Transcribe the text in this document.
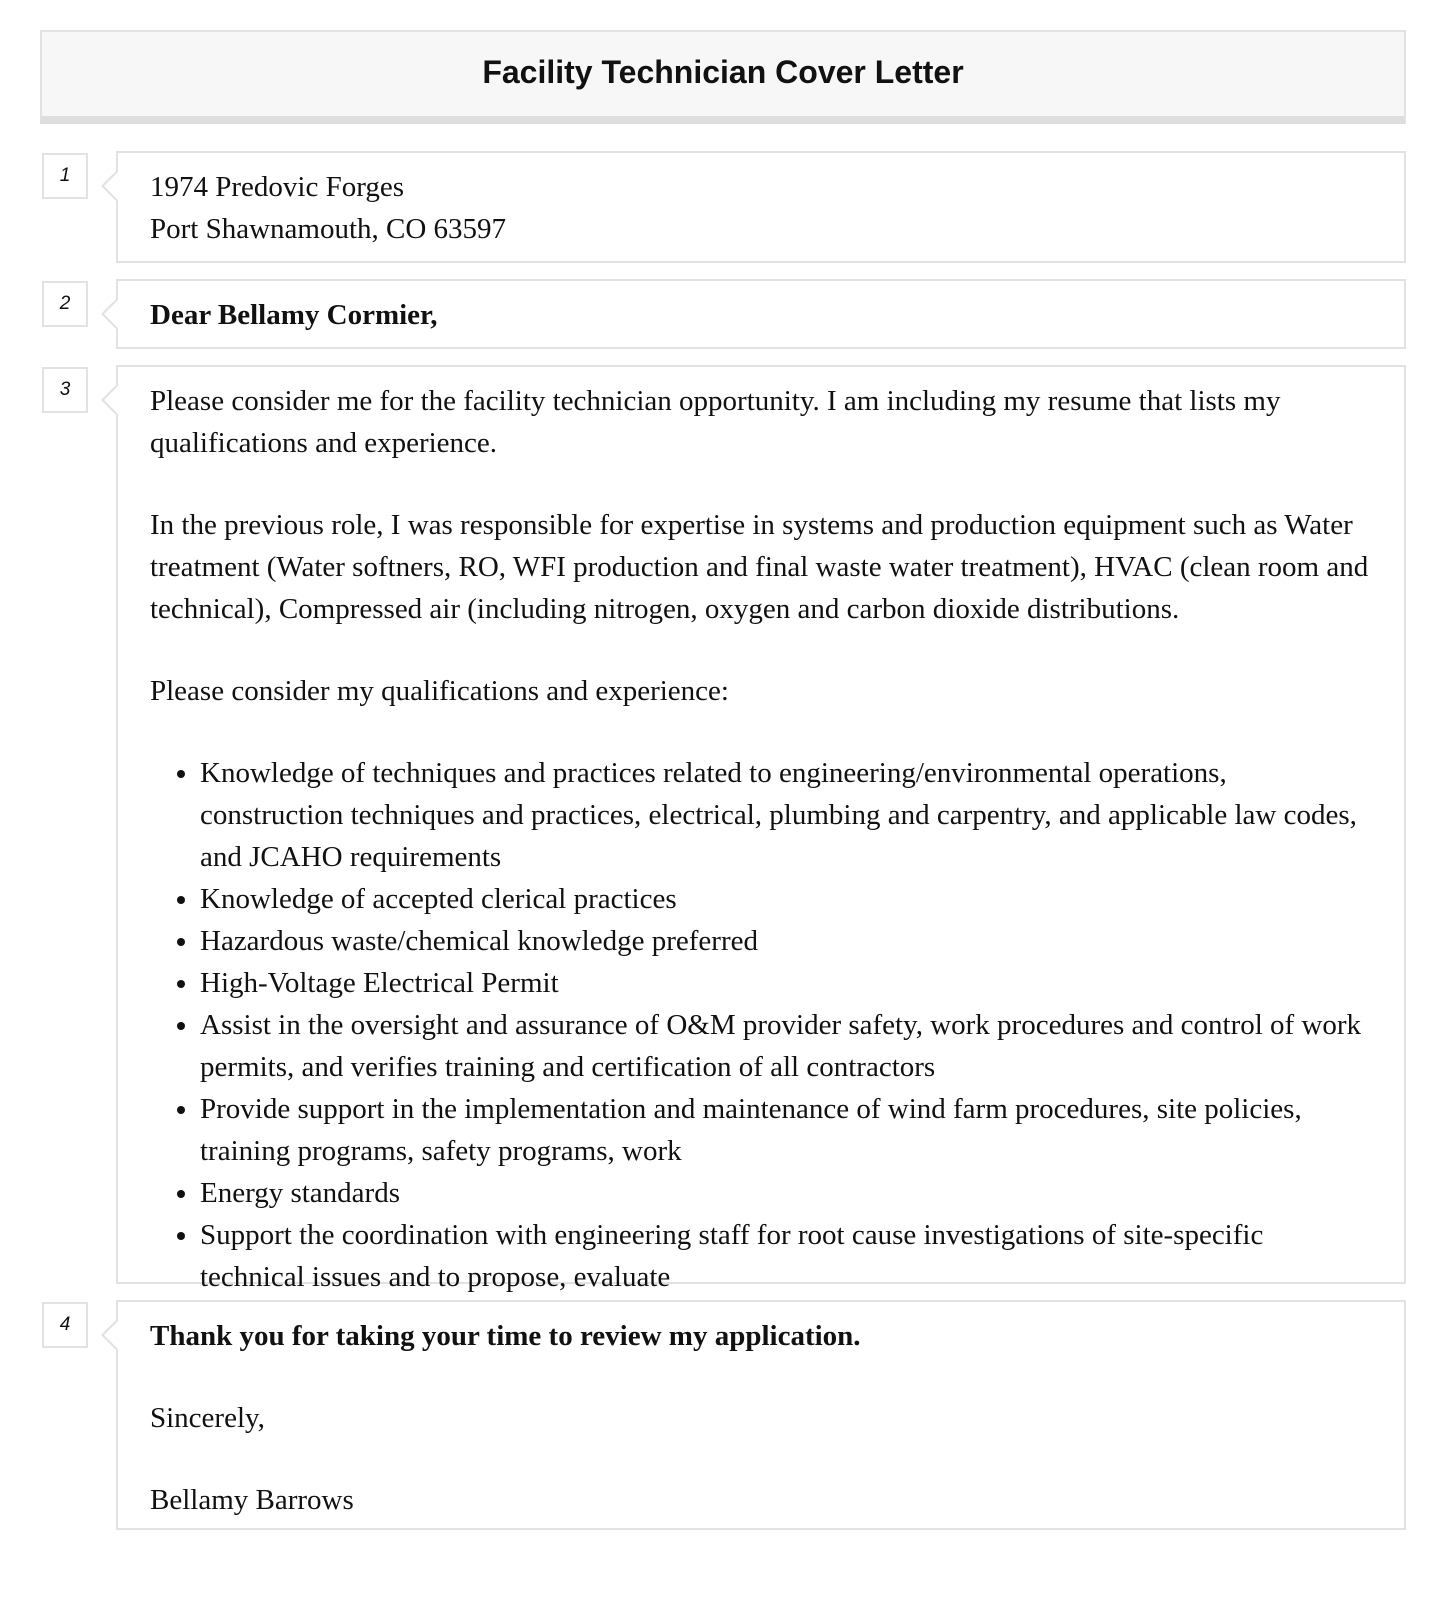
Facility Technician Cover Letter
1	1974 Predovic Forges
Port Shawnamouth, CO 63597
2	Dear Bellamy Cormier,
3	Please consider me for the facility technician opportunity. I am including my resume that lists my qualifications and experience.

In the previous role, I was responsible for expertise in systems and production equipment such as Water treatment (Water softners, RO, WFI production and final waste water treatment), HVAC (clean room and technical), Compressed air (including nitrogen, oxygen and carbon dioxide distributions.

Please consider my qualifications and experience:

• Knowledge of techniques and practices related to engineering/environmental operations, construction techniques and practices, electrical, plumbing and carpentry, and applicable law codes, and JCAHO requirements
• Knowledge of accepted clerical practices
• Hazardous waste/chemical knowledge preferred
• High-Voltage Electrical Permit
• Assist in the oversight and assurance of O&M provider safety, work procedures and control of work permits, and verifies training and certification of all contractors
• Provide support in the implementation and maintenance of wind farm procedures, site policies, training programs, safety programs, work
• Energy standards
• Support the coordination with engineering staff for root cause investigations of site-specific technical issues and to propose, evaluate
4	Thank you for taking your time to review my application.

Sincerely,

Bellamy Barrows
